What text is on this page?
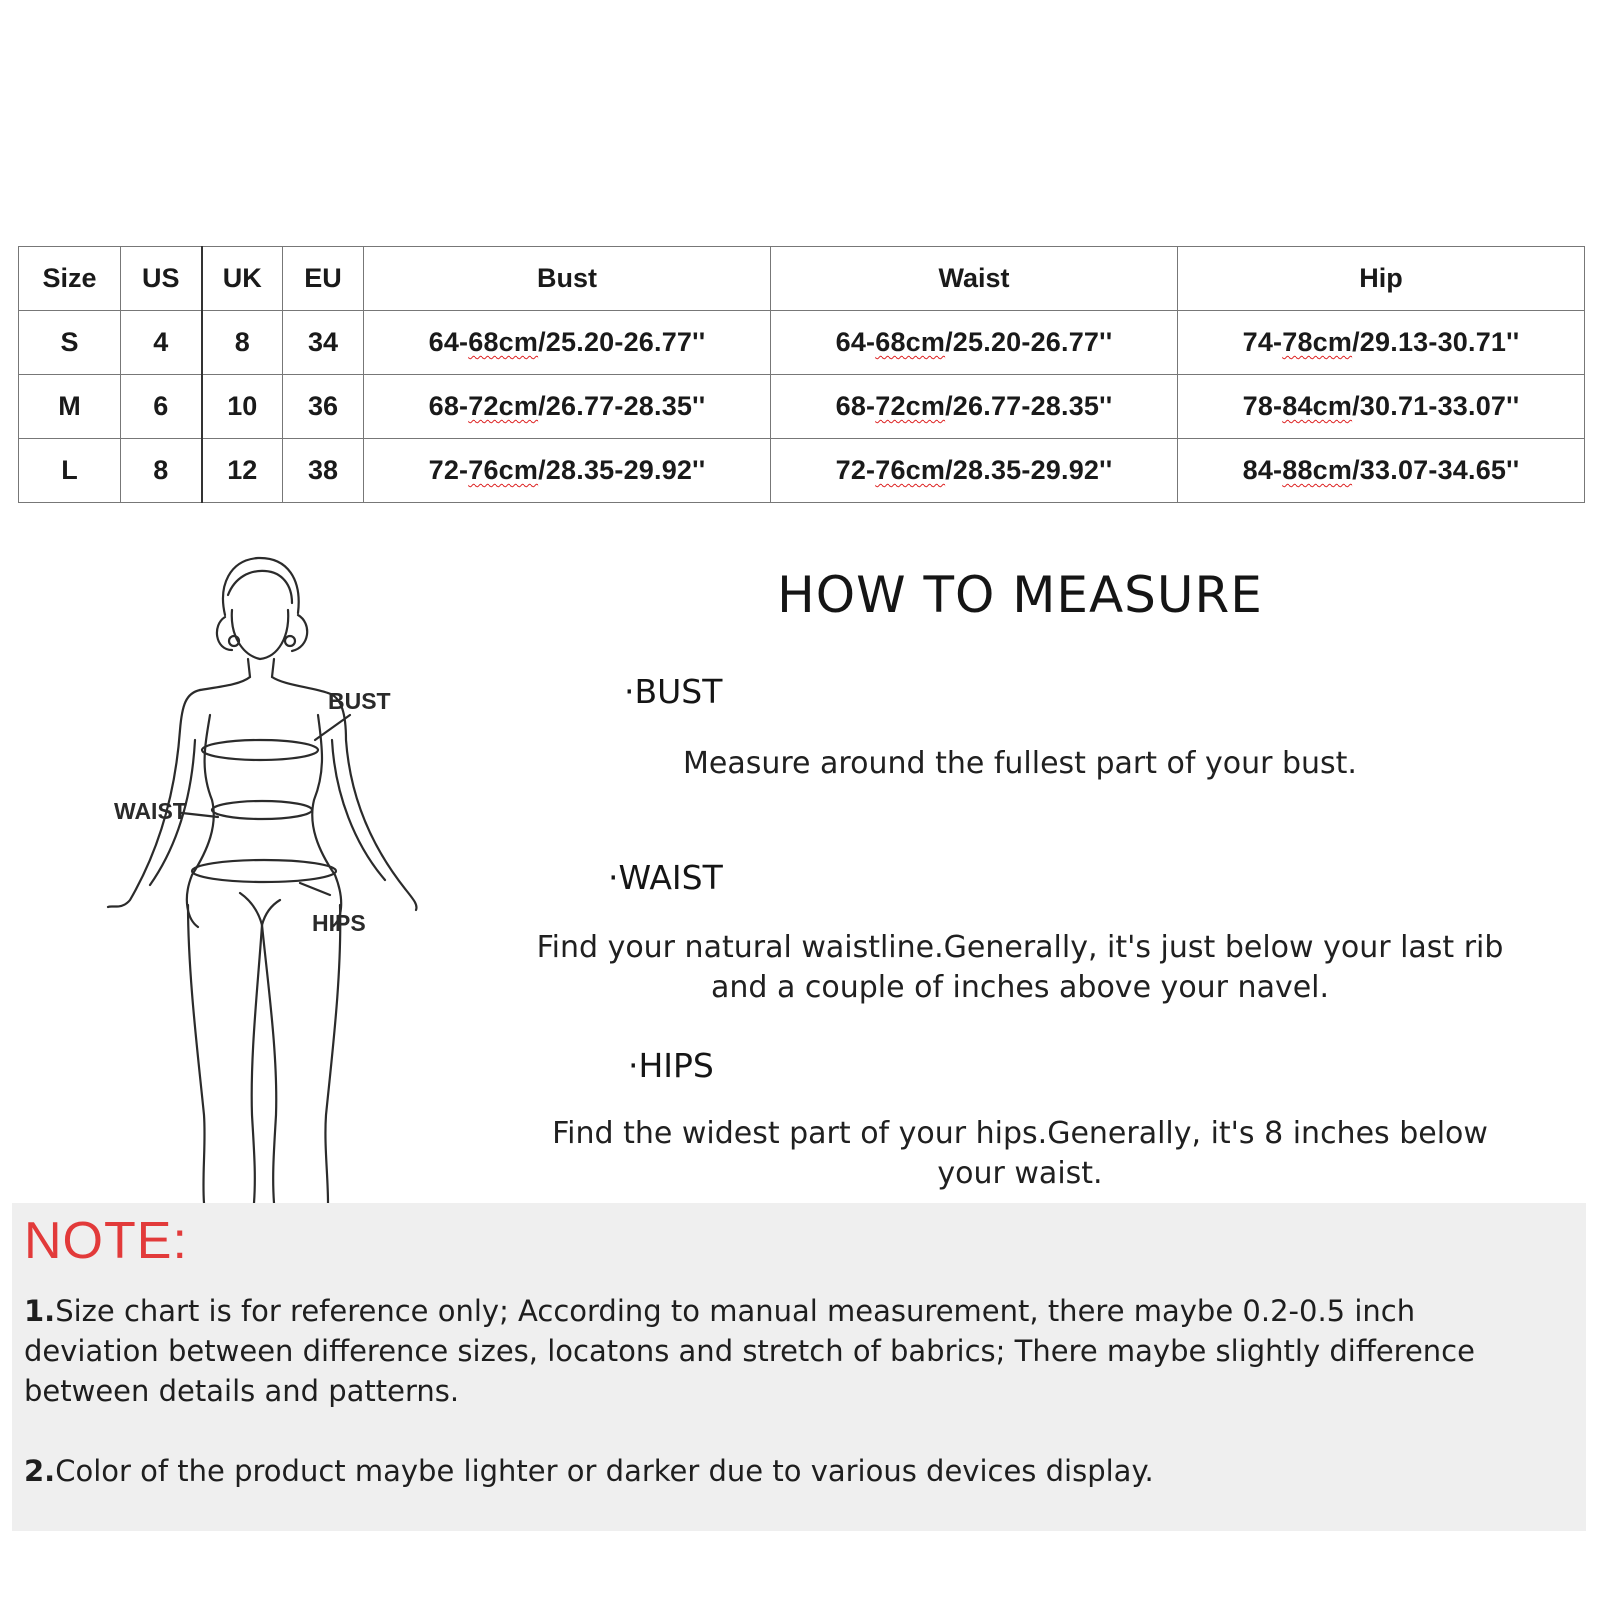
Size	US	UK	EU	Bust	Waist	Hip
S	4	8	34	64-68cm/25.20-26.77''	64-68cm/25.20-26.77''	74-78cm/29.13-30.71''
M	6	10	36	68-72cm/26.77-28.35''	68-72cm/26.77-28.35''	78-84cm/30.71-33.07''
L	8	12	38	72-76cm/28.35-29.92''	72-76cm/28.35-29.92''	84-88cm/33.07-34.65''
BUST
WAIST
HIPS
HOW TO MEASURE
·BUST
Measure around the fullest part of your bust.
·WAIST
Find your natural waistline.Generally, it's just below your last rib
and a couple of inches above your navel.
·HIPS
Find the widest part of your hips.Generally, it's 8 inches below
your waist.
NOTE:
1.Size chart is for reference only; According to manual measurement, there maybe 0.2-0.5 inch
deviation between difference sizes, locatons and stretch of babrics; There maybe slightly difference
between details and patterns.
2.Color of the product maybe lighter or darker due to various devices display.
